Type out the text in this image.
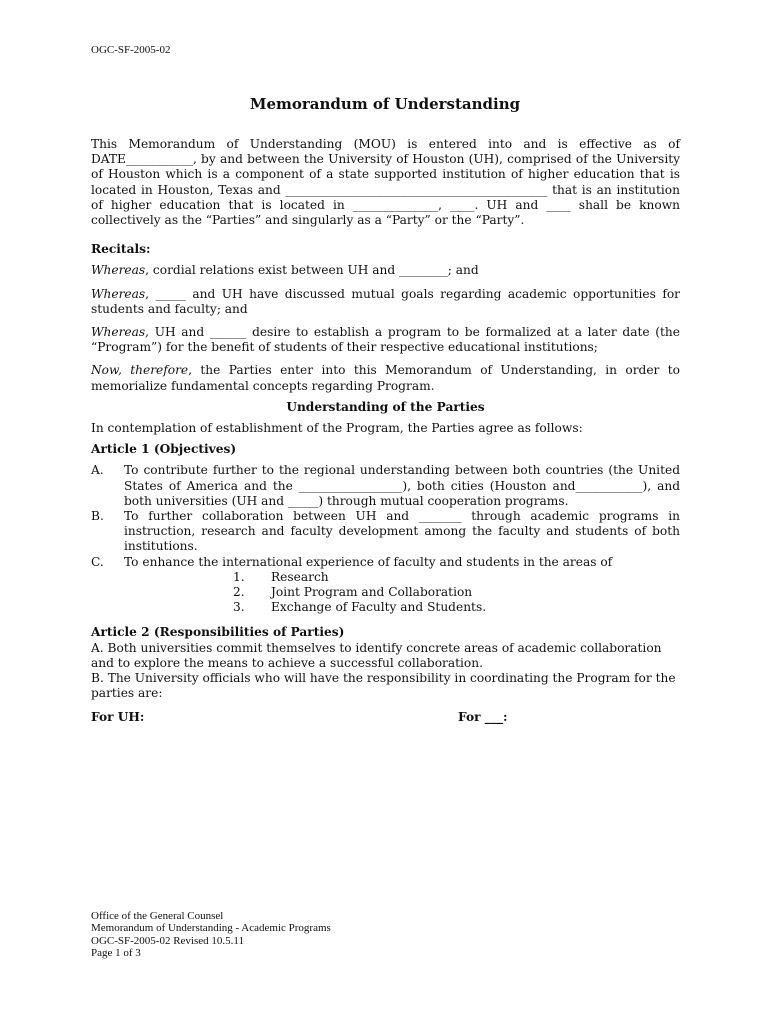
OGC-SF-2005-02
Memorandum of Understanding

This Memorandum of Understanding (MOU) is entered into and is effective as of DATE___________, by and between the University of Houston (UH), comprised of the University of Houston which is a component of a state supported institution of higher education that is located in Houston, Texas and ___________________________________________ that is an institution of higher education that is located in ______________, ____. UH and ____ shall be known collectively as the “Parties” and singularly as a “Party” or the “Party”.

Recitals:

Whereas, cordial relations exist between UH and ________; and

Whereas, _____ and UH have discussed mutual goals regarding academic opportunities for students and faculty; and

Whereas, UH and ______ desire to establish a program to be formalized at a later date (the “Program”) for the benefit of students of their respective educational institutions;

Now, therefore, the Parties enter into this Memorandum of Understanding, in order to memorialize fundamental concepts regarding Program.

Understanding of the Parties

In contemplation of establishment of the Program, the Parties agree as follows:

Article 1 (Objectives)

A.	To contribute further to the regional understanding between both countries (the United States of America and the _________________), both cities (Houston and___________), and both universities (UH and _____) through mutual cooperation programs.
B.	To further collaboration between UH and _______ through academic programs in instruction, research and faculty development among the faculty and students of both institutions.
C.	To enhance the international experience of faculty and students in the areas of
1.	Research
2.	Joint Program and Collaboration
3.	Exchange of Faculty and Students.

Article 2 (Responsibilities of Parties)

A. Both universities commit themselves to identify concrete areas of academic collaboration and to explore the means to achieve a successful collaboration.

B. The University officials who will have the responsibility in coordinating the Program for the parties are:

For UH:	For ___:
Office of the General Counsel
Memorandum of Understanding - Academic Programs
OGC-SF-2005-02 Revised 10.5.11
Page 1 of 3
